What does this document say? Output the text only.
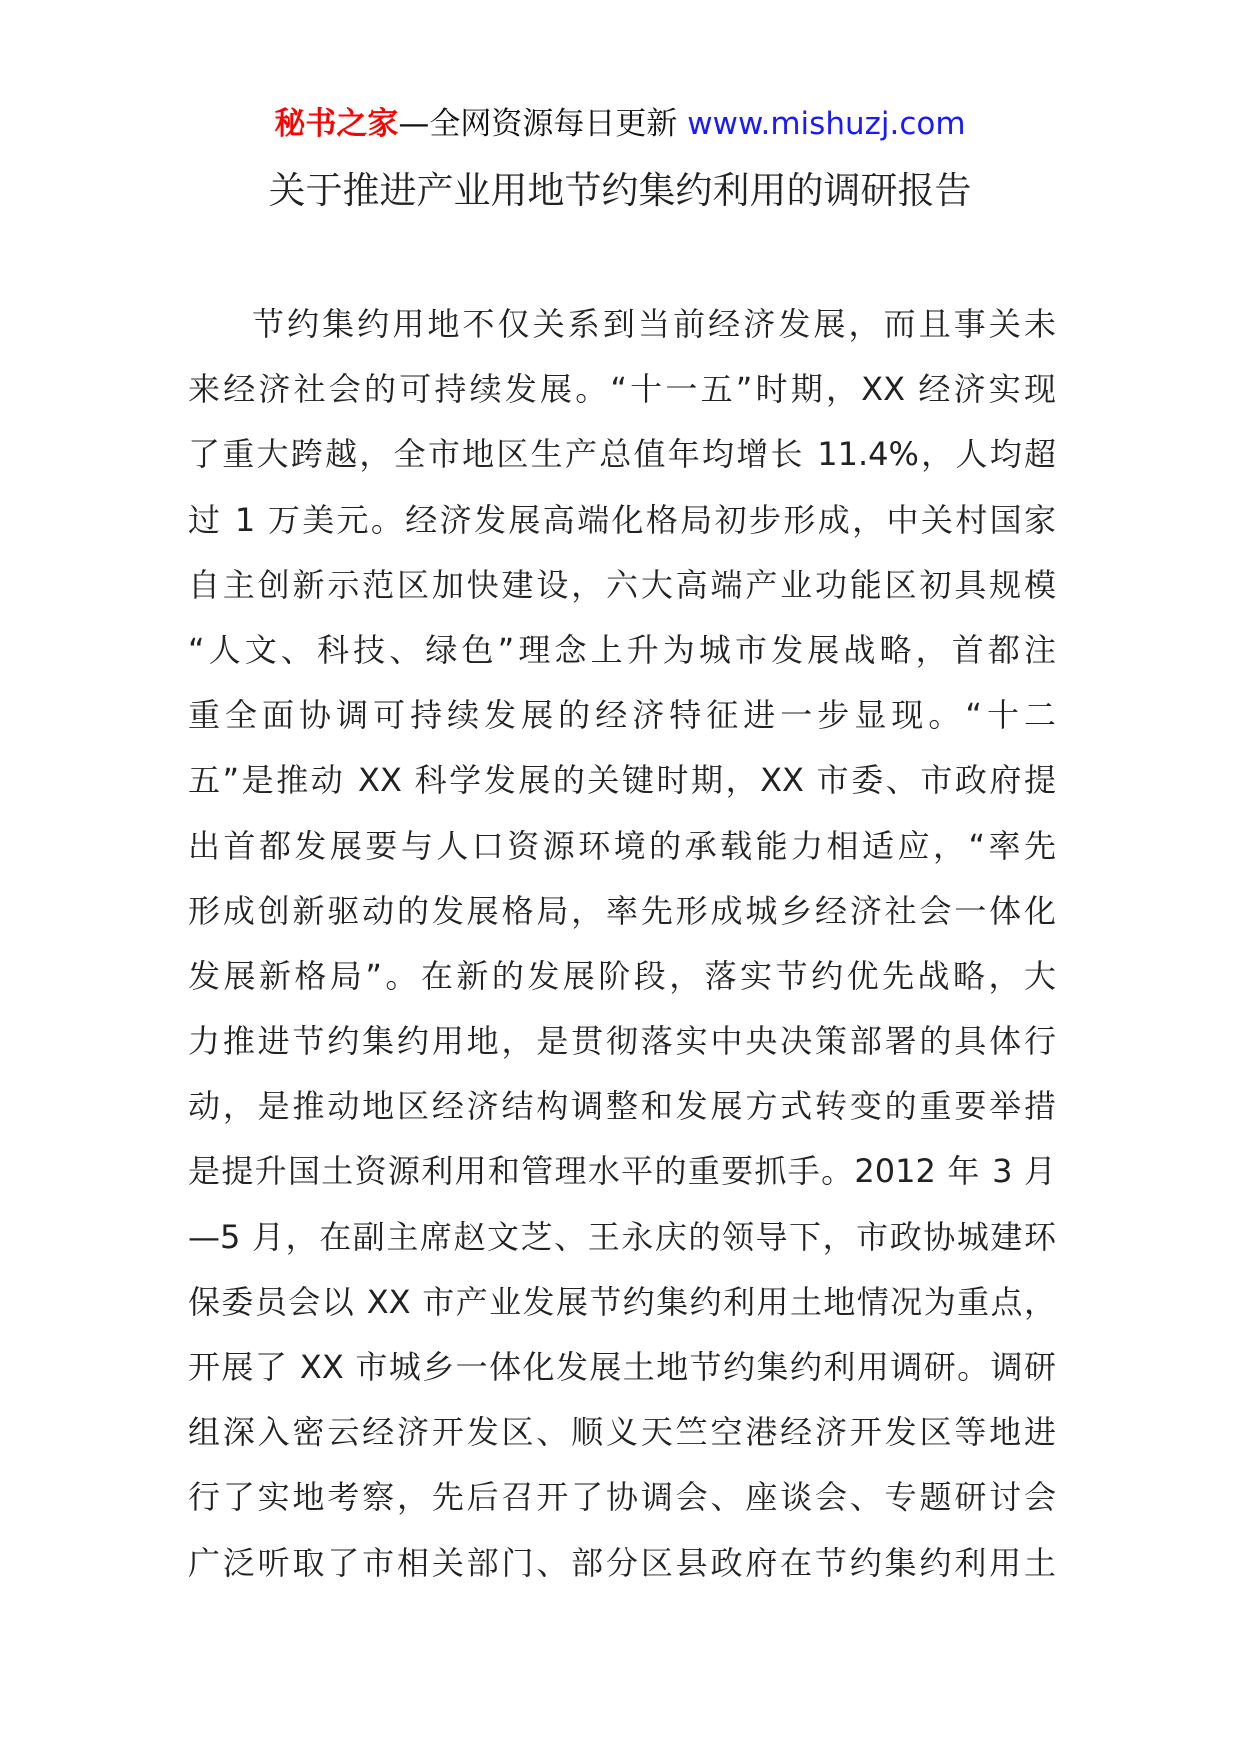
秘书之家—全网资源每日更新 www.mishuzj.com
关于推进产业用地节约集约利用的调研报告
节约集约用地不仅关系到当前经济发展，而且事关未
来经济社会的可持续发展。“十一五”时期，XX 经济实现
了重大跨越，全市地区生产总值年均增长 11.4%，人均超
过 1 万美元。经济发展高端化格局初步形成，中关村国家
自主创新示范区加快建设，六大高端产业功能区初具规模
“人文、科技、绿色”理念上升为城市发展战略，首都注
重全面协调可持续发展的经济特征进一步显现。“十二
五”是推动 XX 科学发展的关键时期，XX 市委、市政府提
出首都发展要与人口资源环境的承载能力相适应，“率先
形成创新驱动的发展格局，率先形成城乡经济社会一体化
发展新格局”。在新的发展阶段，落实节约优先战略，大
力推进节约集约用地，是贯彻落实中央决策部署的具体行
动，是推动地区经济结构调整和发展方式转变的重要举措
是提升国土资源利用和管理水平的重要抓手。2012 年 3 月
—5 月，在副主席赵文芝、王永庆的领导下，市政协城建环
保委员会以 XX 市产业发展节约集约利用土地情况为重点，
开展了 XX 市城乡一体化发展土地节约集约利用调研。调研
组深入密云经济开发区、顺义天竺空港经济开发区等地进
行了实地考察，先后召开了协调会、座谈会、专题研讨会
广泛听取了市相关部门、部分区县政府在节约集约利用土
